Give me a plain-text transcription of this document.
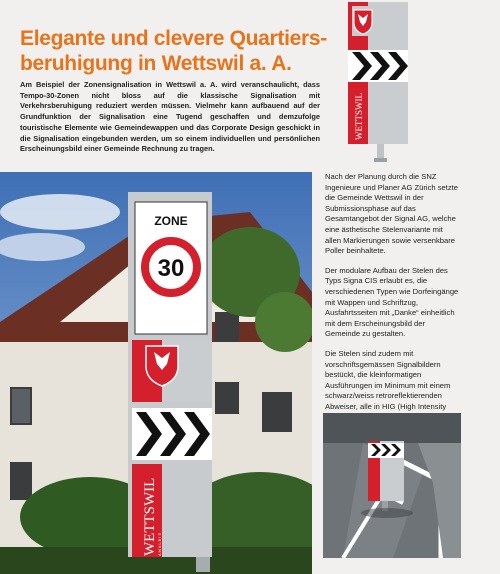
Elegante und clevere Quartiers-
beruhigung in Wettswil a. A.

Am Beispiel der Zonensignalisation in Wettswil a. A. wird veranschaulicht, dass Tempo-30-Zonen nicht bloss auf die klassische Signalisation mit Verkehrsberuhigung reduziert werden müssen. Vielmehr kann aufbauend auf der Grundfunktion der Signalisation eine Tugend geschaffen und demzufolge touristische Elemente wie Gemeindewappen und das Corporate Design geschickt in die Signalisation eingebunden werden, um so einem individuellen und persönlichen Erscheinungsbild einer Gemeinde Rechnung zu tragen.

WETTSWIL
ZONE
30
WETTSWIL A M A L B I S

Nach der Planung durch die SNZ Ingenieure und Planer AG Zürich setzte die Gemeinde Wettswil in der Submissionsphase auf das Gesamtangebot der Signal AG, welche eine ästhetische Stelenvariante mit allen Markierungen sowie versenkbare Poller beinhaltete.

Der modulare Aufbau der Stelen des Typs Signa CIS erlaubt es, die verschiedenen Typen wie Dorfeingänge mit Wappen und Schriftzug, Ausfahrtsseiten mit „Danke“ einheitlich mit dem Erscheinungsbild der Gemeinde zu gestalten.

Die Stelen sind zudem mit vorschriftsgemässen Signalbildern bestückt, die kleinformatigen Ausführungen im Minimum mit einem schwarz/weiss retroreflektierenden Abweiser, alle in HIG (High Intensity
